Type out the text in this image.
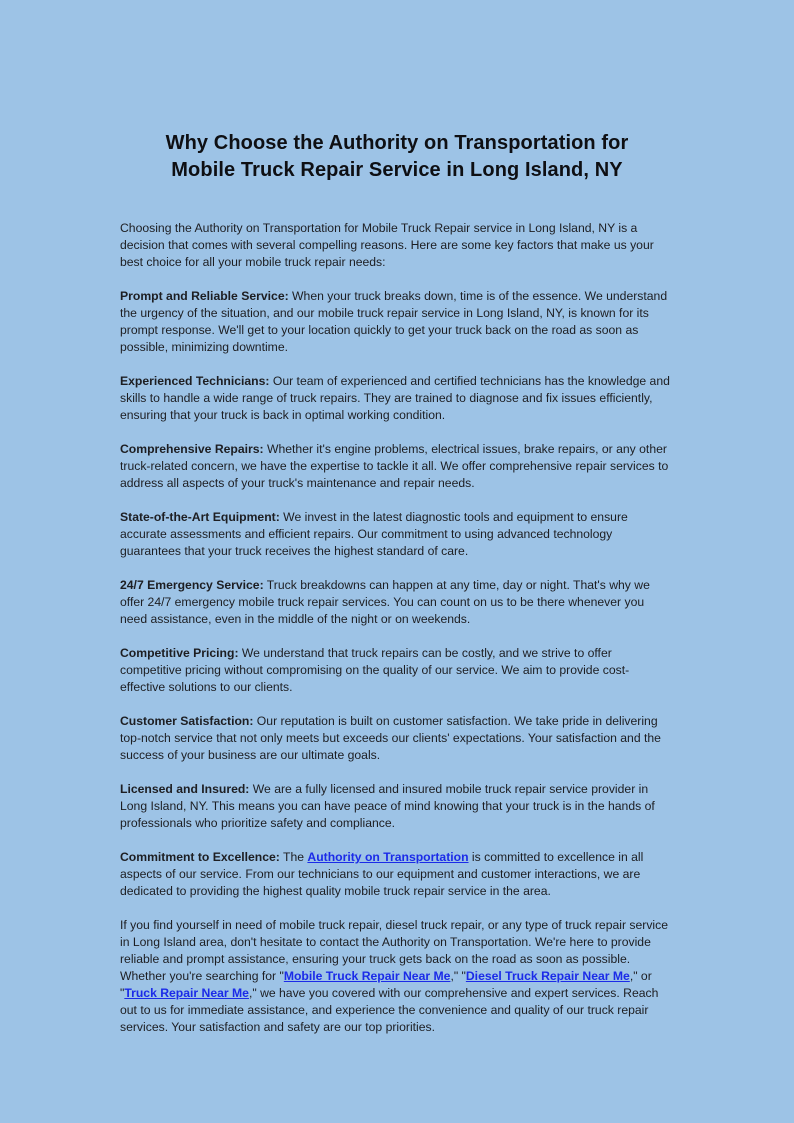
Why Choose the Authority on Transportation for
Mobile Truck Repair Service in Long Island, NY

Choosing the Authority on Transportation for Mobile Truck Repair service in Long Island, NY is a decision that comes with several compelling reasons. Here are some key factors that make us your best choice for all your mobile truck repair needs:

Prompt and Reliable Service: When your truck breaks down, time is of the essence. We understand the urgency of the situation, and our mobile truck repair service in Long Island, NY, is known for its prompt response. We'll get to your location quickly to get your truck back on the road as soon as possible, minimizing downtime.

Experienced Technicians: Our team of experienced and certified technicians has the knowledge and skills to handle a wide range of truck repairs. They are trained to diagnose and fix issues efficiently, ensuring that your truck is back in optimal working condition.

Comprehensive Repairs: Whether it's engine problems, electrical issues, brake repairs, or any other truck-related concern, we have the expertise to tackle it all. We offer comprehensive repair services to address all aspects of your truck's maintenance and repair needs.

State-of-the-Art Equipment: We invest in the latest diagnostic tools and equipment to ensure accurate assessments and efficient repairs. Our commitment to using advanced technology guarantees that your truck receives the highest standard of care.

24/7 Emergency Service: Truck breakdowns can happen at any time, day or night. That's why we offer 24/7 emergency mobile truck repair services. You can count on us to be there whenever you need assistance, even in the middle of the night or on weekends.

Competitive Pricing: We understand that truck repairs can be costly, and we strive to offer competitive pricing without compromising on the quality of our service. We aim to provide cost-effective solutions to our clients.

Customer Satisfaction: Our reputation is built on customer satisfaction. We take pride in delivering top-notch service that not only meets but exceeds our clients' expectations. Your satisfaction and the success of your business are our ultimate goals.

Licensed and Insured: We are a fully licensed and insured mobile truck repair service provider in Long Island, NY. This means you can have peace of mind knowing that your truck is in the hands of professionals who prioritize safety and compliance.

Commitment to Excellence: The Authority on Transportation is committed to excellence in all aspects of our service. From our technicians to our equipment and customer interactions, we are dedicated to providing the highest quality mobile truck repair service in the area.

If you find yourself in need of mobile truck repair, diesel truck repair, or any type of truck repair service in Long Island area, don't hesitate to contact the Authority on Transportation. We're here to provide reliable and prompt assistance, ensuring your truck gets back on the road as soon as possible. Whether you're searching for "Mobile Truck Repair Near Me," "Diesel Truck Repair Near Me," or "Truck Repair Near Me," we have you covered with our comprehensive and expert services. Reach out to us for immediate assistance, and experience the convenience and quality of our truck repair services. Your satisfaction and safety are our top priorities.
